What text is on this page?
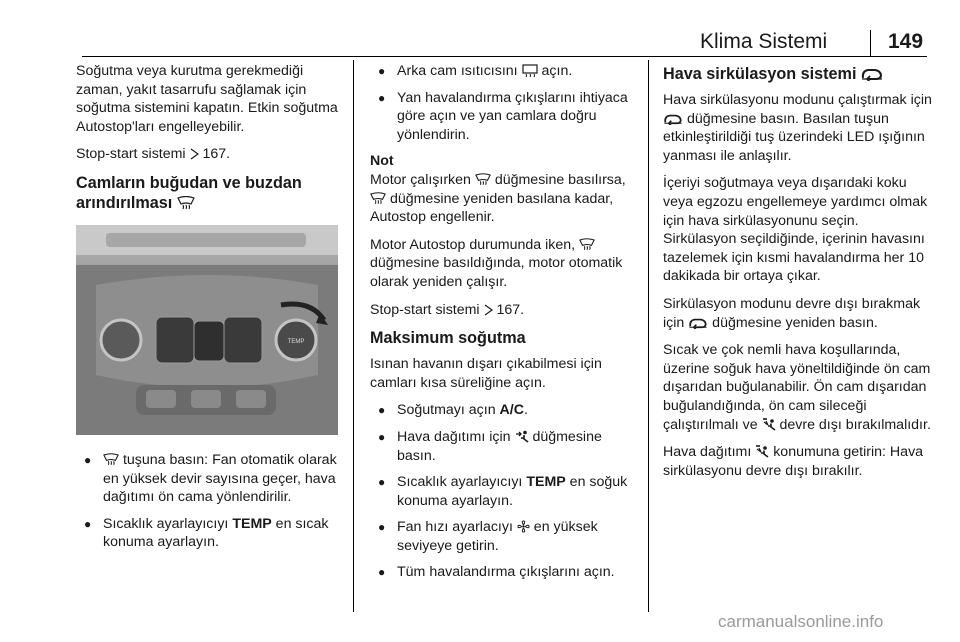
Klima Sistemi	149

Soğutma veya kurutma gerekmediği zaman, yakıt tasarrufu sağlamak için soğutma sistemini kapatın. Etkin soğutma Autostop'ları engelleyebilir.

Stop-start sistemi
167.

Camların buğudan ve buzdan arındırılması
TEMP
● tuşuna basın: Fan otomatik olarak en yüksek devir sayısına geçer, hava dağıtımı ön cama yönlendirilir.
● Sıcaklık ayarlayıcıyı TEMP en sıcak konuma ayarlayın.
● Arka cam ısıtıcısını
açın.
● Yan havalandırma çıkışlarını ihtiyaca göre açın ve yan camlara doğru yönlendirin.
Not

Motor çalışırken
düğmesine basılırsa,
düğmesine yeniden basılana kadar, Autostop engellenir.

Motor Autostop durumunda iken,
düğmesine basıldığında, motor otomatik olarak yeniden çalışır.

Stop-start sistemi
167.

Maksimum soğutma

Isınan havanın dışarı çıkabilmesi için camları kısa süreliğine açın.

● Soğutmayı açın A/C.
● Hava dağıtımı için
düğmesine basın.
● Sıcaklık ayarlayıcıyı TEMP en soğuk konuma ayarlayın.
● Fan hızı ayarlacıyı
en yüksek seviyeye getirin.
● Tüm havalandırma çıkışlarını açın.
Hava sirkülasyon sistemi

Hava sirkülasyonu modunu çalıştırmak için
düğmesine basın. Basılan tuşun etkinleştirildiği tuş üzerindeki LED ışığının yanması ile anlaşılır.

İçeriyi soğutmaya veya dışarıdaki koku veya egzozu engellemeye yardımcı olmak için hava sirkülasyonunu seçin. Sirkülasyon seçildiğinde, içerinin havasını tazelemek için kısmi havalandırma her 10 dakikada bir ortaya çıkar.

Sirkülasyon modunu devre dışı bırakmak için
düğmesine yeniden basın.

Sıcak ve çok nemli hava koşullarında, üzerine soğuk hava yöneltildiğinde ön cam dışarıdan buğulanabilir. Ön cam dışarıdan buğulandığında, ön cam sileceği çalıştırılmalı ve
devre dışı bırakılmalıdır.

Hava dağıtımı
konumuna getirin: Hava sirkülasyonu devre dışı bırakılır.

carmanualsonline.info
